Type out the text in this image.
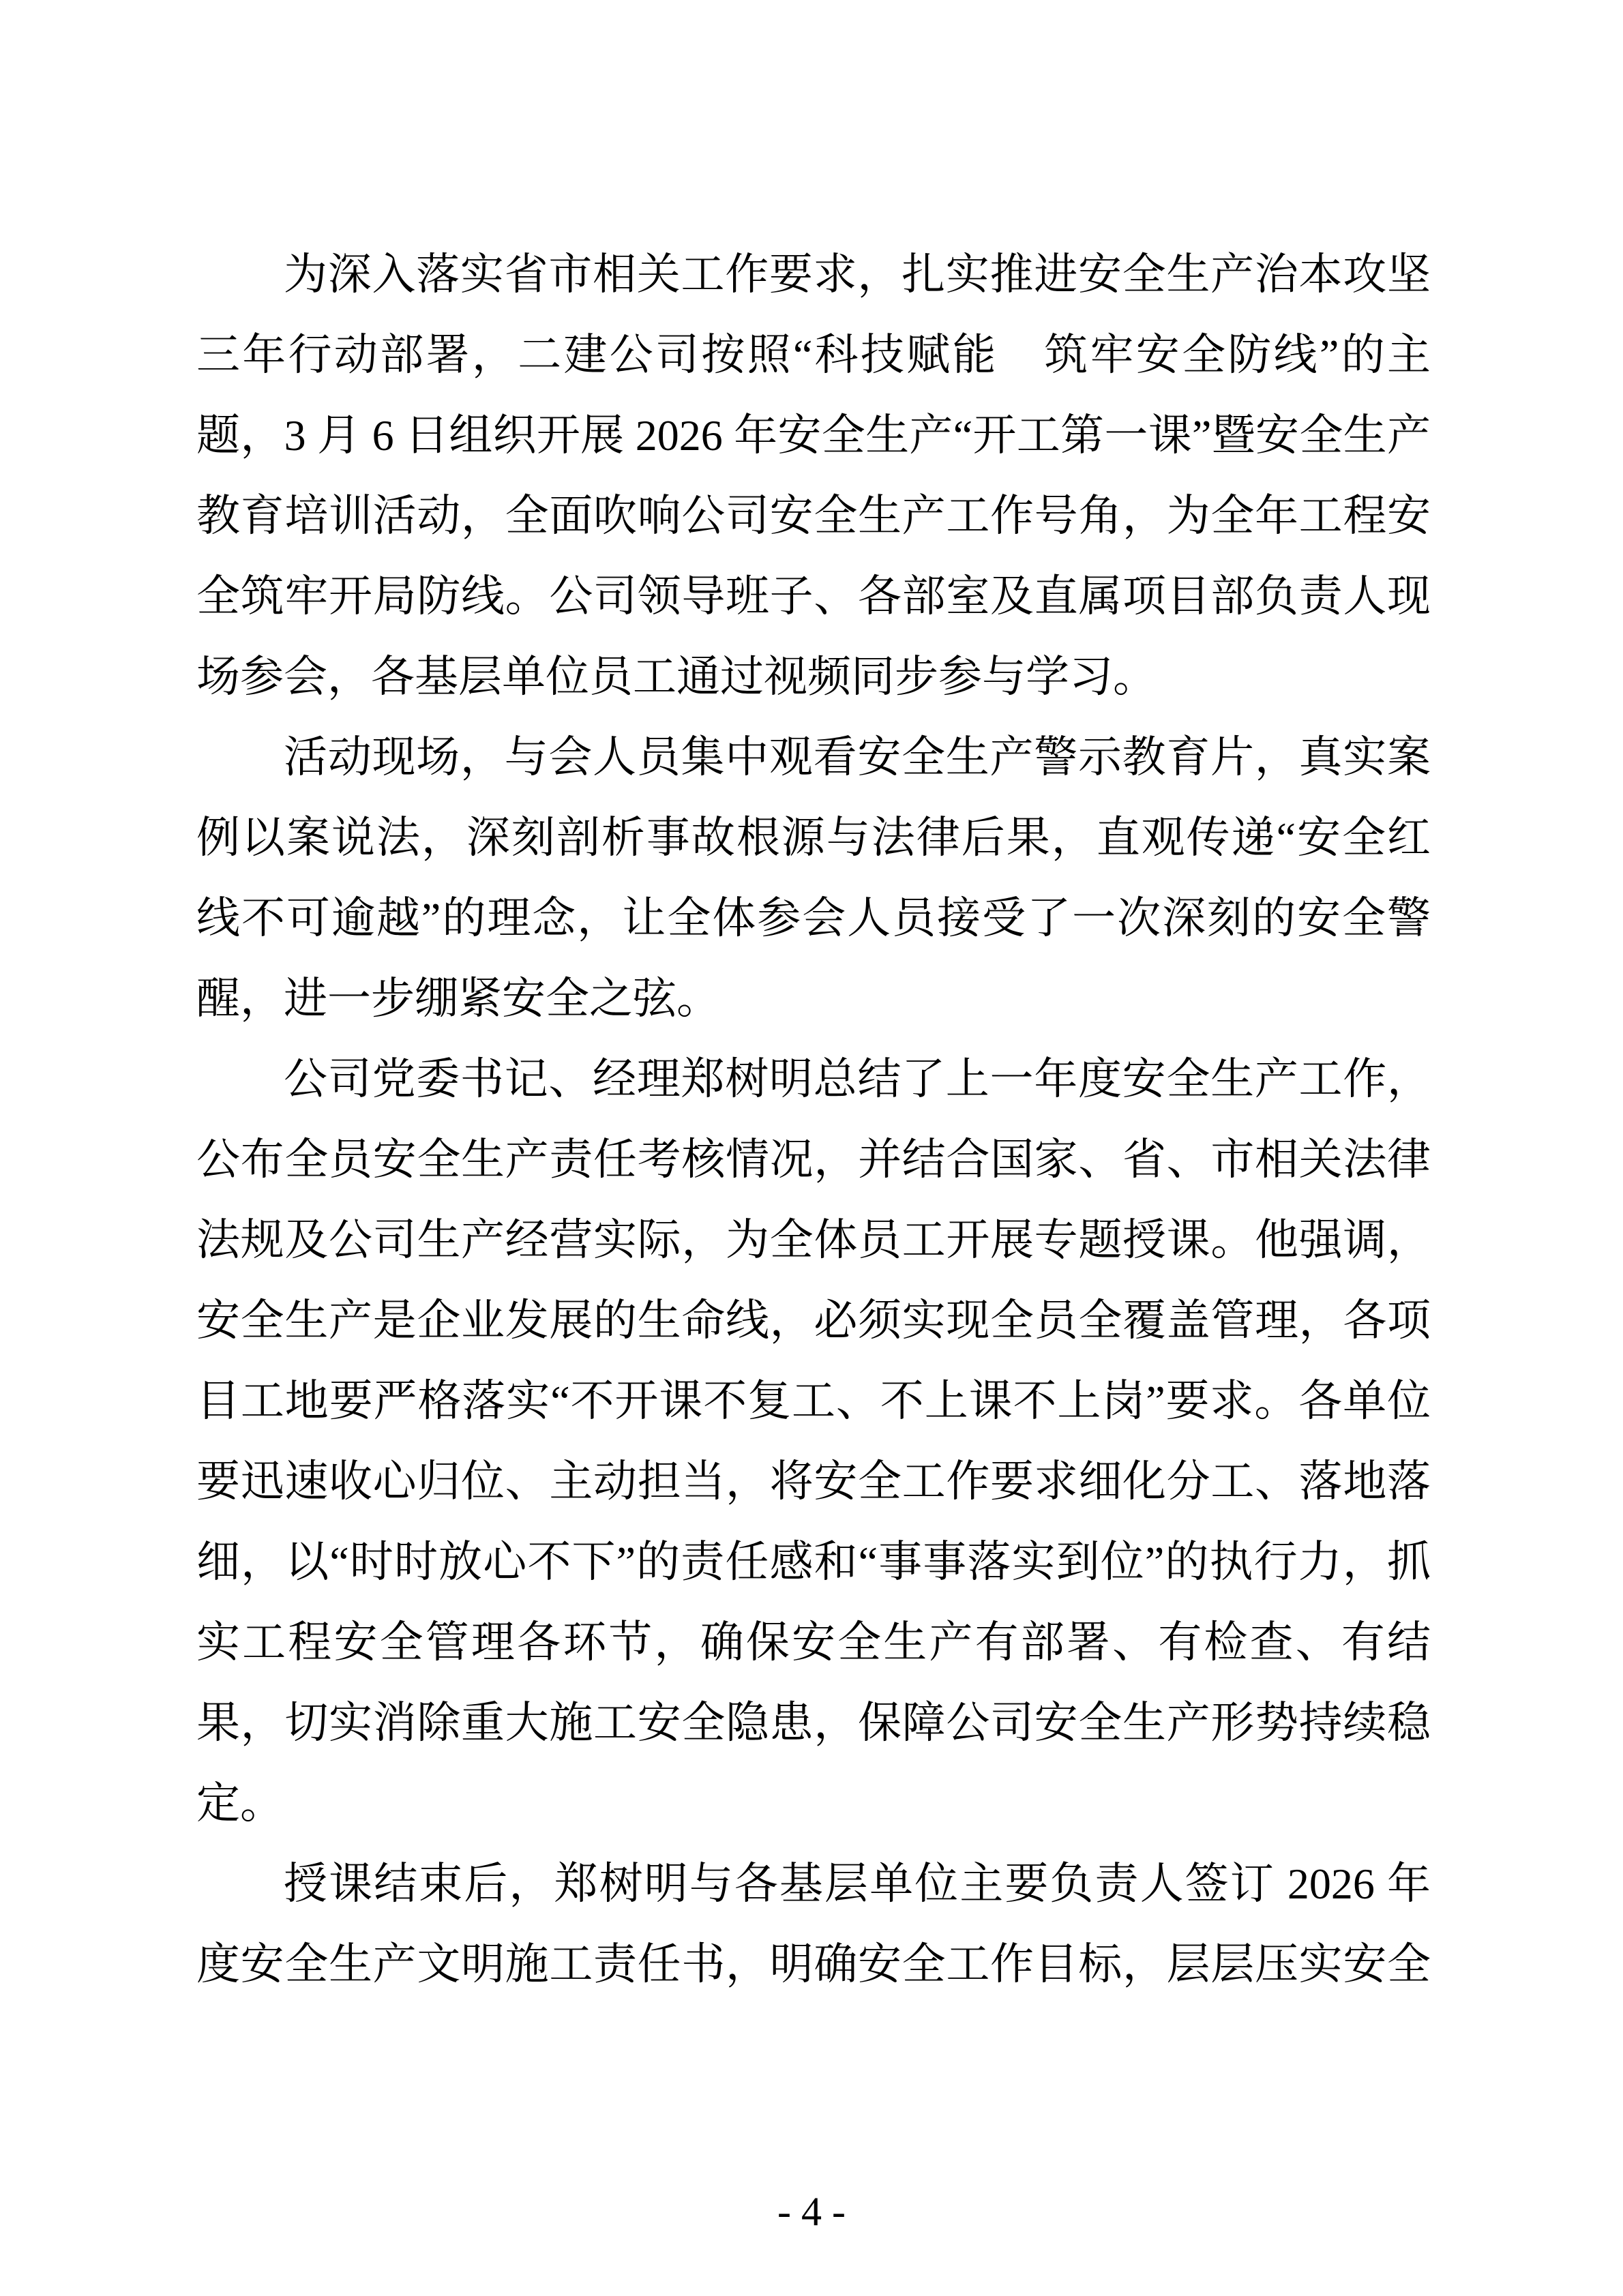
为深入落实省市相关工作要求，扎实推进安全生产治本攻坚
三年行动部署，二建公司按照“科技赋能　筑牢安全防线”的主
题，3 月 6 日组织开展 2026 年安全生产“开工第一课”暨安全生产
教育培训活动，全面吹响公司安全生产工作号角，为全年工程安
全筑牢开局防线。公司领导班子、各部室及直属项目部负责人现
场参会，各基层单位员工通过视频同步参与学习。
活动现场，与会人员集中观看安全生产警示教育片，真实案
例以案说法，深刻剖析事故根源与法律后果，直观传递“安全红
线不可逾越”的理念，让全体参会人员接受了一次深刻的安全警
醒，进一步绷紧安全之弦。
公司党委书记、经理郑树明总结了上一年度安全生产工作，
公布全员安全生产责任考核情况，并结合国家、省、市相关法律
法规及公司生产经营实际，为全体员工开展专题授课。他强调，
安全生产是企业发展的生命线，必须实现全员全覆盖管理，各项
目工地要严格落实“不开课不复工、不上课不上岗”要求。各单位
要迅速收心归位、主动担当，将安全工作要求细化分工、落地落
细，以“时时放心不下”的责任感和“事事落实到位”的执行力，抓
实工程安全管理各环节，确保安全生产有部署、有检查、有结
果，切实消除重大施工安全隐患，保障公司安全生产形势持续稳
定。
授课结束后，郑树明与各基层单位主要负责人签订 2026 年
度安全生产文明施工责任书，明确安全工作目标，层层压实安全
- 4 -
